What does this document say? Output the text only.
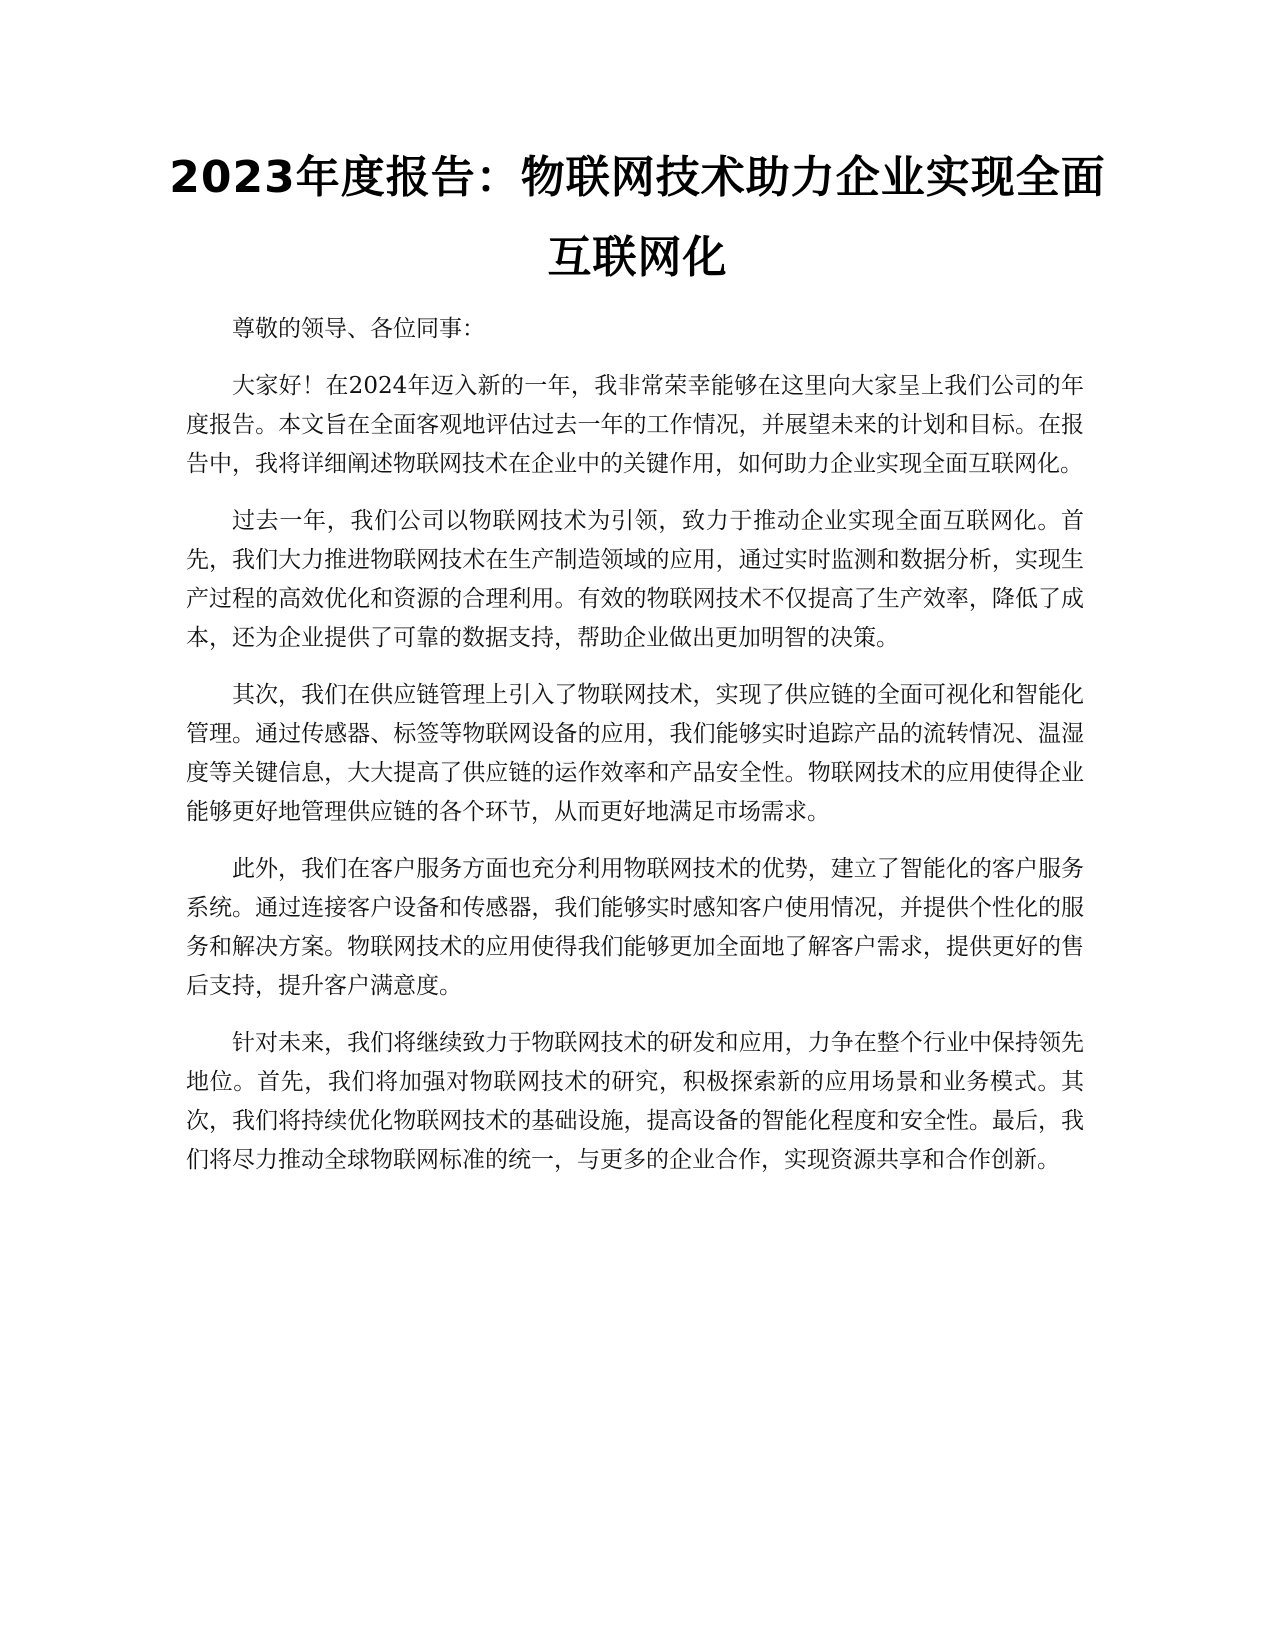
2023年度报告：物联网技术助力企业实现全面互联网化

尊敬的领导、各位同事：

大家好！在2024年迈入新的一年，我非常荣幸能够在这里向大家呈上我们公司的年度报告。本文旨在全面客观地评估过去一年的工作情况，并展望未来的计划和目标。在报告中，我将详细阐述物联网技术在企业中的关键作用，如何助力企业实现全面互联网化。

过去一年，我们公司以物联网技术为引领，致力于推动企业实现全面互联网化。首先，我们大力推进物联网技术在生产制造领域的应用，通过实时监测和数据分析，实现生产过程的高效优化和资源的合理利用。有效的物联网技术不仅提高了生产效率，降低了成本，还为企业提供了可靠的数据支持，帮助企业做出更加明智的决策。

其次，我们在供应链管理上引入了物联网技术，实现了供应链的全面可视化和智能化管理。通过传感器、标签等物联网设备的应用，我们能够实时追踪产品的流转情况、温湿度等关键信息，大大提高了供应链的运作效率和产品安全性。物联网技术的应用使得企业能够更好地管理供应链的各个环节，从而更好地满足市场需求。

此外，我们在客户服务方面也充分利用物联网技术的优势，建立了智能化的客户服务系统。通过连接客户设备和传感器，我们能够实时感知客户使用情况，并提供个性化的服务和解决方案。物联网技术的应用使得我们能够更加全面地了解客户需求，提供更好的售后支持，提升客户满意度。

针对未来，我们将继续致力于物联网技术的研发和应用，力争在整个行业中保持领先地位。首先，我们将加强对物联网技术的研究，积极探索新的应用场景和业务模式。其次，我们将持续优化物联网技术的基础设施，提高设备的智能化程度和安全性。最后，我们将尽力推动全球物联网标准的统一，与更多的企业合作，实现资源共享和合作创新。
